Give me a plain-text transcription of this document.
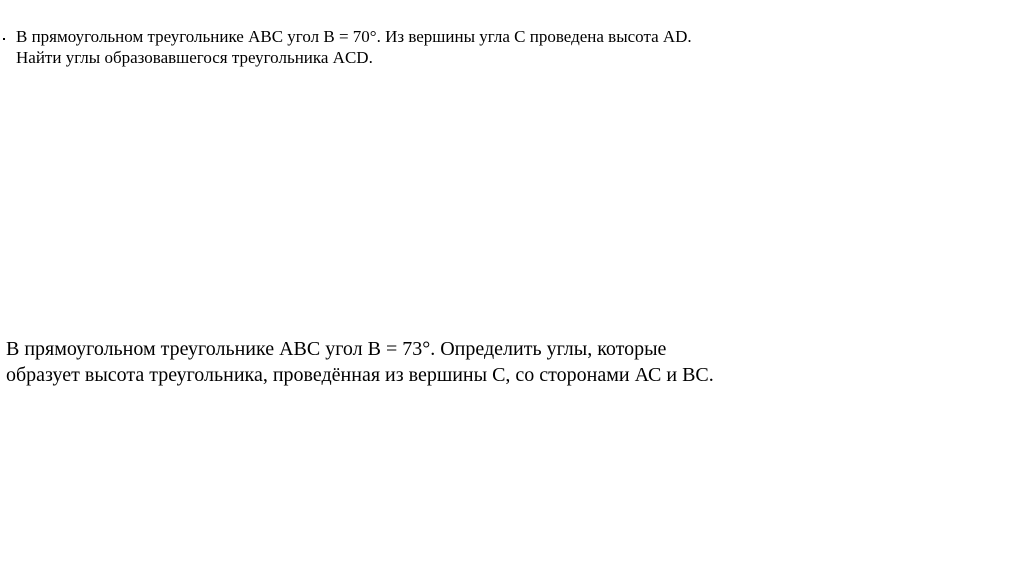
В прямоугольном треугольнике АВС угол В = 70°. Из вершины угла С проведена высота AD.
Найти углы образовавшегося треугольника ACD.
В прямоугольном треугольнике АВС угол В = 73°. Определить углы, которые
образует высота треугольника, проведённая из вершины С, со сторонами АС и ВС.
